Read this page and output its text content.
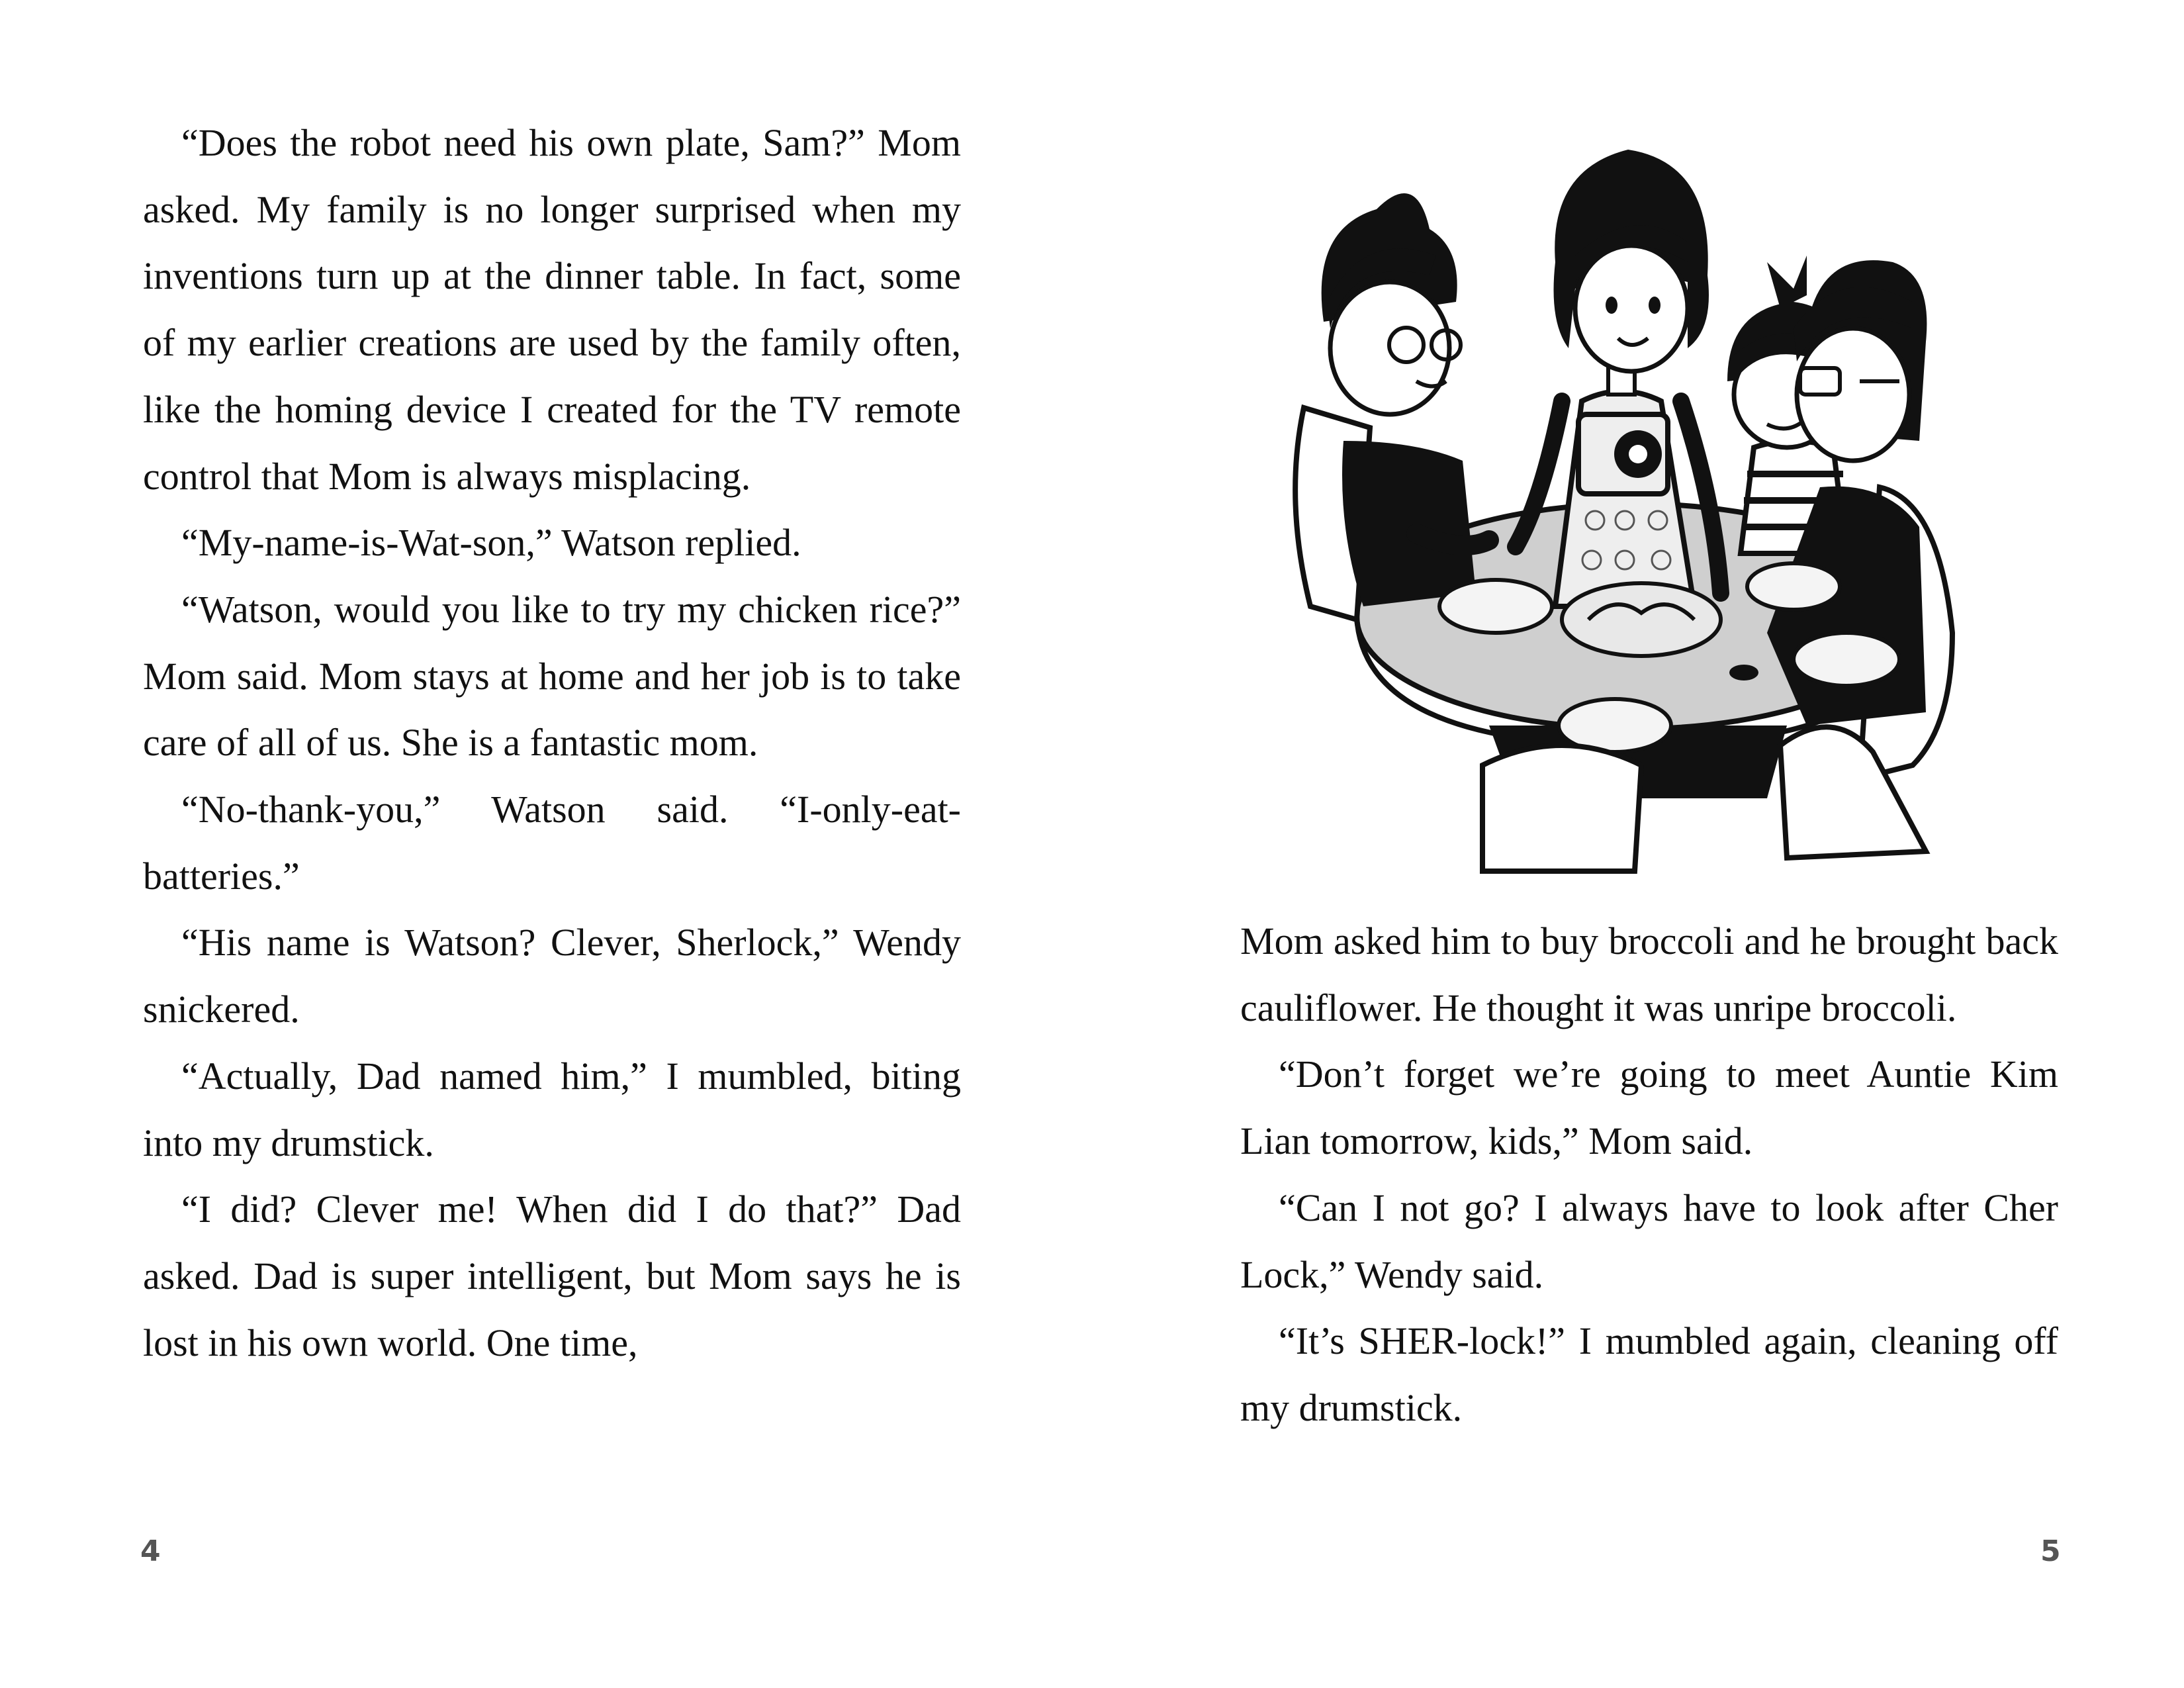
“Does the robot need his own plate, Sam?” Mom asked. My family is no longer surprised when my inventions turn up at the dinner table. In fact, some of my earlier creations are used by the family often, like the homing device I created for the TV remote control that Mom is always misplacing.

“My-name-is-Wat-son,” Watson replied.

“Watson, would you like to try my chicken rice?” Mom said. Mom stays at home and her job is to take care of all of us. She is a fantastic mom.

“No-thank-you,” Watson said. “I-only-eat-batteries.”

“His name is Watson? Clever, Sherlock,” Wendy snickered.

“Actually, Dad named him,” I mumbled, biting into my drumstick.

“I did? Clever me! When did I do that?” Dad asked. Dad is super intelligent, but Mom says he is lost in his own world. One time,

4

Mom asked him to buy broccoli and he brought back cauliflower. He thought it was unripe broccoli.

“Don’t forget we’re going to meet Auntie Kim Lian tomorrow, kids,” Mom said.

“Can I not go? I always have to look after Cher Lock,” Wendy said.

“It’s SHER-lock!” I mumbled again, cleaning off my drumstick.

5
